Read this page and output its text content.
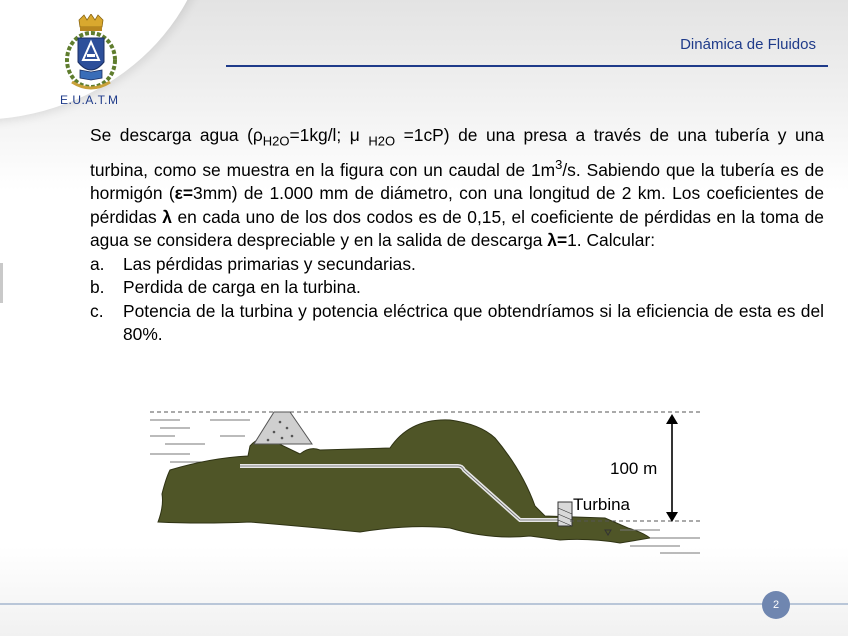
E.U.A.T.M
Dinámica de Fluidos

Se descarga agua ($\rho_{H2O}=1kg/l$; μ $_{H2O}$ =1cP) de una presa a través de una tubería y una turbina, como se muestra en la figura con un caudal de $1m^3/s$. Sabiendo que la tubería es de hormigón (ε=3mm) de 1.000 mm de diámetro, con una longitud de 2 km. Los coeficientes de pérdidas λ en cada uno de los dos codos es de 0,15, el coeficiente de pérdidas en la toma de agua se considera despreciable y en la salida de descarga λ=1. Calcular:

a. Las pérdidas primarias y secundarias.
b. Perdida de carga en la turbina.
c. Potencia de la turbina y potencia eléctrica que obtendríamos si la eficiencia de esta es del 80%.
100 m
Turbina
2
